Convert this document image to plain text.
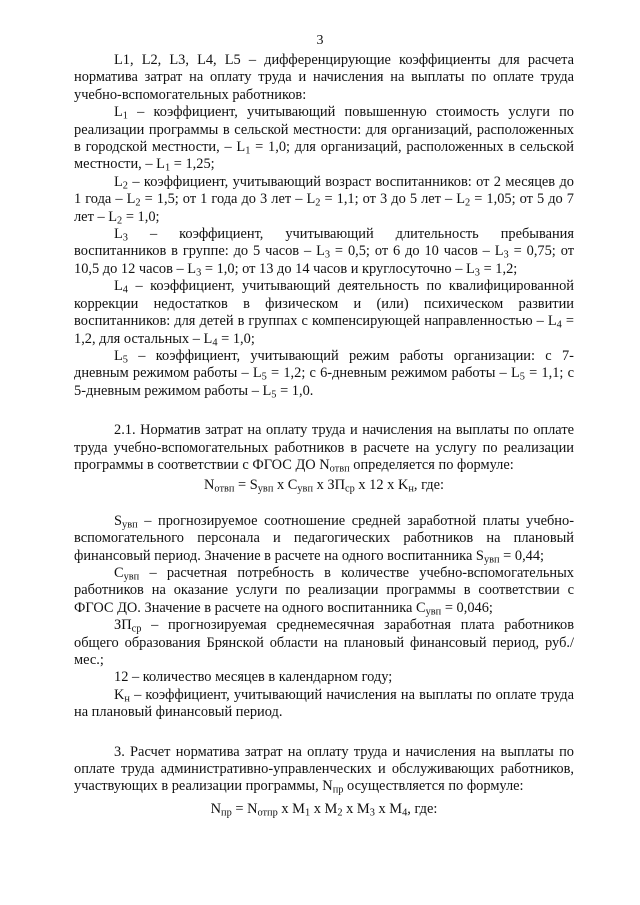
3

L1, L2, L3, L4, L5 – дифференцирующие коэффициенты для расчета норматива затрат на оплату труда и начисления на выплаты по оплате труда учебно-вспомогательных работников:

$L_1$ – коэффициент, учитывающий повышенную стоимость услуги по реализации программы в сельской местности: для организаций, расположенных в городской местности, – $L_1 = 1,0$; для организаций, расположенных в сельской местности, – $L_1 = 1,25$;

$L_2$ – коэффициент, учитывающий возраст воспитанников: от 2 месяцев до 1 года – $L_2 = 1,5$; от 1 года до 3 лет – $L_2 = 1,1$; от 3 до 5 лет – $L_2 = 1,05$; от 5 до 7 лет – $L_2 = 1,0$;

$L_3$ – коэффициент, учитывающий длительность пребывания воспитанников в группе: до 5 часов – $L_3 = 0,5$; от 6 до 10 часов – $L_3 = 0,75$; от 10,5 до 12 часов – $L_3 = 1,0$; от 13 до 14 часов и круглосуточно – $L_3 = 1,2$;

$L_4$ – коэффициент, учитывающий деятельность по квалифицированной коррекции недостатков в физическом и (или) психическом развитии воспитанников: для детей в группах с компенсирующей направленностью – $L_4 = 1,2$, для остальных – $L_4 = 1,0$;

$L_5$ – коэффициент, учитывающий режим работы организации: с 7-дневным режимом работы – $L_5 = 1,2$; с 6-дневным режимом работы – $L_5 = 1,1$; с 5-дневным режимом работы – $L_5 = 1,0$.

2.1. Норматив затрат на оплату труда и начисления на выплаты по оплате труда учебно-вспомогательных работников в расчете на услугу по реализации программы в соответствии с ФГОС ДО $N_{отвп}$ определяется по формуле:

$N_{отвп} = S_{увп}$ х $С_{увп}$ х $ЗП_{ср}$ х 12 х $K_н$, где:

$S_{увп}$ – прогнозируемое соотношение средней заработной платы учебно-вспомогательного персонала и педагогических работников на плановый финансовый период. Значение в расчете на одного воспитанника $S_{увп} = 0,44$;

$С_{увп}$ – расчетная потребность в количестве учебно-вспомогательных работников на оказание услуги по реализации программы в соответствии с ФГОС ДО. Значение в расчете на одного воспитанника $С_{увп} = 0,046$;

$ЗП_{ср}$ – прогнозируемая среднемесячная заработная плата работников общего образования Брянской области на плановый финансовый период, руб./мес.;

12 – количество месяцев в календарном году;

$K_н$ – коэффициент, учитывающий начисления на выплаты по оплате труда на плановый финансовый период.

3. Расчет норматива затрат на оплату труда и начисления на выплаты по оплате труда административно-управленческих и обслуживающих работников, участвующих в реализации программы, $N_{пр}$ осуществляется по формуле:

$N_{пр} = N_{отпр}$ х $М_1$ х $М_2$ х $М_3$ х $М_4$, где:
